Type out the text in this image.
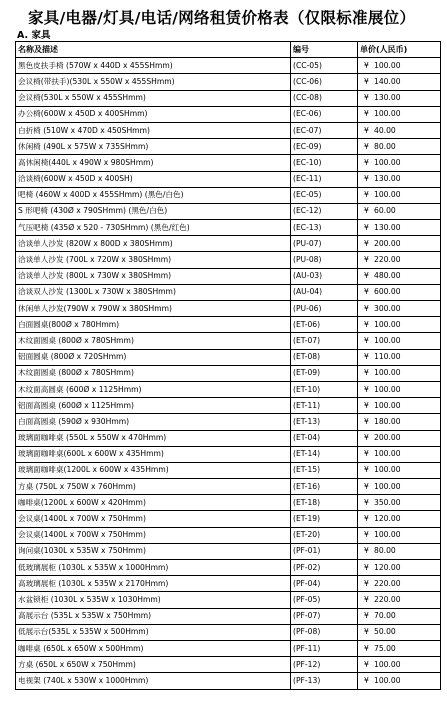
家具/电器/灯具/电话/网络租赁价格表（仅限标准展位）
A. 家具
名称及描述	编号	单价(人民币)
黑色皮扶手椅 (570W x 440D x 455SHmm)	(CC-05)	¥ 100.00
会议椅(带扶手)(530L x 550W x 455SHmm)	(CC-06)	¥ 140.00
会议椅(530L x 550W x 455SHmm)	(CC-08)	¥ 130.00
办公椅(600W x 450D x 400SHmm)	(EC-06)	¥ 100.00
白折椅 (510W x 470D x 450SHmm)	(EC-07)	¥ 40.00
休闲椅 (490L x 575W x 735SHmm)	(EC-09)	¥ 80.00
高休闲椅(440L x 490W x 980SHmm)	(EC-10)	¥ 100.00
洽谈椅(600W x 450D x 400SH)	(EC-11)	¥ 130.00
吧椅 (460W x 400D x 455SHmm) (黑色/白色)	(EC-05)	¥ 100.00
S 形吧椅 (430Ø x 790SHmm) (黑色/白色)	(EC-12)	¥ 60.00
气压吧椅 (435Ø x 520 - 730SHmm) (黑色/红色)	(EC-13)	¥ 130.00
洽谈单人沙发 (820W x 800D x 380SHmm)	(PU-07)	¥ 200.00
洽谈单人沙发 (700L x 720W x 380SHmm)	(PU-08)	¥ 220.00
洽谈单人沙发 (800L x 730W x 380SHmm)	(AU-03)	¥ 480.00
洽谈双人沙发 (1300L x 730W x 380SHmm)	(AU-04)	¥ 600.00
休闲单人沙发(790W x 790W x 380SHmm)	(PU-06)	¥ 300.00
白面圆桌(800Ø x 780Hmm)	(ET-06)	¥ 100.00
木纹面圆桌 (800Ø x 780SHmm)	(ET-07)	¥ 100.00
铝面圆桌 (800Ø x 720SHmm)	(ET-08)	¥ 110.00
木纹面圆桌 (800Ø x 780SHmm)	(ET-09)	¥ 100.00
木纹面高圆桌 (600Ø x 1125Hmm)	(ET-10)	¥ 100.00
铝面高圆桌 (600Ø x 1125Hmm)	(ET-11)	¥ 100.00
白面高圆桌 (590Ø x 930Hmm)	(ET-13)	¥ 180.00
玻璃面咖啡桌 (550L x 550W x 470Hmm)	(ET-04)	¥ 200.00
玻璃面咖啡桌(600L x 600W x 435Hmm)	(ET-14)	¥ 100.00
玻璃面咖啡桌(1200L x 600W x 435Hmm)	(ET-15)	¥ 100.00
方桌 (750L x 750W x 760Hmm)	(ET-16)	¥ 100.00
咖啡桌(1200L x 600W x 420Hmm)	(ET-18)	¥ 350.00
会议桌(1400L x 700W x 750Hmm)	(ET-19)	¥ 120.00
会议桌(1400L x 700W x 750Hmm)	(ET-20)	¥ 100.00
询问桌(1030L x 535W x 750Hmm)	(PF-01)	¥ 80.00
低玻璃展柜 (1030L x 535W x 1000Hmm)	(PF-02)	¥ 120.00
高玻璃展柜 (1030L x 535W x 2170Hmm)	(PF-04)	¥ 220.00
水盆锁柜 (1030L x 535W x 1030Hmm)	(PF-05)	¥ 220.00
高展示台 (535L x 535W x 750Hmm)	(PF-07)	¥ 70.00
低展示台(535L x 535W x 500Hmm)	(PF-08)	¥ 50.00
咖啡桌 (650L x 650W x 500Hmm)	(PF-11)	¥ 75.00
方桌 (650L x 650W x 750Hmm)	(PF-12)	¥ 100.00
电视架 (740L x 530W x 1000Hmm)	(PF-13)	¥ 100.00
